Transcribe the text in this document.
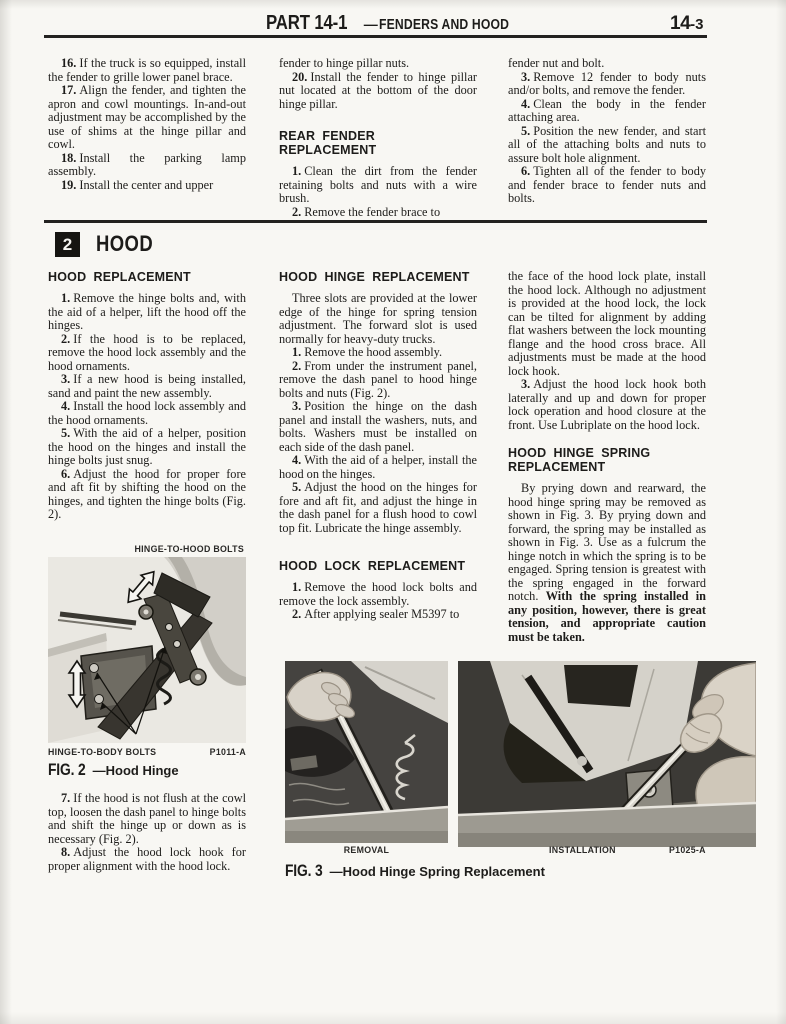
PART 14-1 — FENDERS AND HOOD	14-3

16. If the truck is so equipped, install the fender to grille lower panel brace.

17. Align the fender, and tighten the apron and cowl mountings. In-and-out adjustment may be accomplished by the use of shims at the hinge pillar and cowl.

18. Install the parking lamp assembly.

19. Install the center and upper

fender to hinge pillar nuts.

20. Install the fender to hinge pillar nut located at the bottom of the door hinge pillar.

REAR FENDER REPLACEMENT

1. Clean the dirt from the fender retaining bolts and nuts with a wire brush.

2. Remove the fender brace to

fender nut and bolt.

3. Remove 12 fender to body nuts and/or bolts, and remove the fender.

4. Clean the body in the fender attaching area.

5. Position the new fender, and start all of the attaching bolts and nuts to assure bolt hole alignment.

6. Tighten all of the fender to body and fender brace to fender nuts and bolts.

2	HOOD
HOOD REPLACEMENT

1. Remove the hinge bolts and, with the aid of a helper, lift the hood off the hinges.

2. If the hood is to be replaced, remove the hood lock assembly and the hood ornaments.

3. If a new hood is being installed, sand and paint the new assembly.

4. Install the hood lock assembly and the hood ornaments.

5. With the aid of a helper, position the hood on the hinges and install the hinge bolts just snug.

6. Adjust the hood for proper fore and aft fit by shifting the hood on the hinges, and tighten the hinge bolts (Fig. 2).

HINGE-TO-HOOD BOLTS
HINGE-TO-BODY BOLTS	P1011-A
FIG. 2 —Hood Hinge

7. If the hood is not flush at the cowl top, loosen the dash panel to hinge bolts and shift the hinge up or down as is necessary (Fig. 2).

8. Adjust the hood lock hook for proper alignment with the hood lock.

HOOD HINGE REPLACEMENT

Three slots are provided at the lower edge of the hinge for spring tension adjustment. The forward slot is used normally for heavy-duty trucks.

1. Remove the hood assembly.

2. From under the instrument panel, remove the dash panel to hood hinge bolts and nuts (Fig. 2).

3. Position the hinge on the dash panel and install the washers, nuts, and bolts. Washers must be installed on each side of the dash panel.

4. With the aid of a helper, install the hood on the hinges.

5. Adjust the hood on the hinges for fore and aft fit, and adjust the hinge in the dash panel for a flush hood to cowl top fit. Lubricate the hinge assembly.

HOOD LOCK REPLACEMENT

1. Remove the hood lock bolts and remove the lock assembly.

2. After applying sealer M5397 to

the face of the hood lock plate, install the hood lock. Although no adjustment is provided at the hood lock, the lock can be tilted for alignment by adding flat washers between the lock mounting flange and the hood cross brace. All adjustments must be made at the hood lock hook.

3. Adjust the hood lock hook both laterally and up and down for proper lock operation and hood closure at the front. Use Lubriplate on the hood lock.

HOOD HINGE SPRING REPLACEMENT

By prying down and rearward, the hood hinge spring may be removed as shown in Fig. 3. By prying down and forward, the spring may be installed as shown in Fig. 3. Use as a fulcrum the hinge notch in which the spring is to be engaged. Spring tension is greatest with the spring engaged in the forward notch. With the spring installed in any position, however, there is great tension, and appropriate caution must be taken.

REMOVAL	INSTALLATION	P1025-A
FIG. 3 —Hood Hinge Spring Replacement
